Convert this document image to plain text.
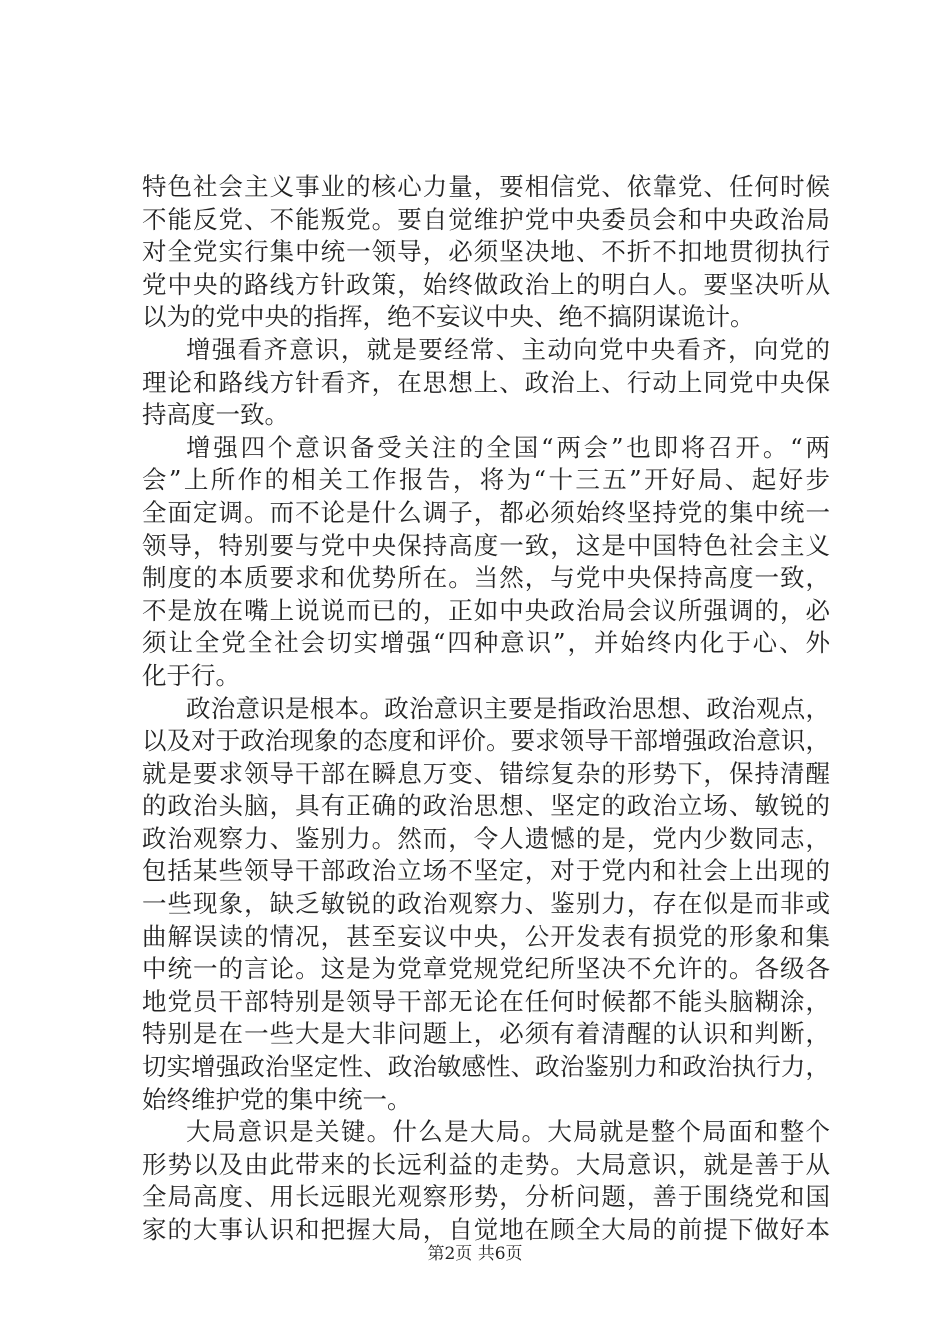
特色社会主义事业的核心力量，要相信党、依靠党、任何时候
不能反党、不能叛党。要自觉维护党中央委员会和中央政治局
对全党实行集中统一领导，必须坚决地、不折不扣地贯彻执行
党中央的路线方针政策，始终做政治上的明白人。要坚决听从
以为的党中央的指挥，绝不妄议中央、绝不搞阴谋诡计。
增强看齐意识，就是要经常、主动向党中央看齐，向党的
理论和路线方针看齐，在思想上、政治上、行动上同党中央保
持高度一致。
增强四个意识备受关注的全国“两会”也即将召开。“两
会”上所作的相关工作报告，将为“十三五”开好局、起好步
全面定调。而不论是什么调子，都必须始终坚持党的集中统一
领导，特别要与党中央保持高度一致，这是中国特色社会主义
制度的本质要求和优势所在。当然，与党中央保持高度一致，
不是放在嘴上说说而已的，正如中央政治局会议所强调的，必
须让全党全社会切实增强“四种意识”，并始终内化于心、外
化于行。
政治意识是根本。政治意识主要是指政治思想、政治观点，
以及对于政治现象的态度和评价。要求领导干部增强政治意识，
就是要求领导干部在瞬息万变、错综复杂的形势下，保持清醒
的政治头脑，具有正确的政治思想、坚定的政治立场、敏锐的
政治观察力、鉴别力。然而，令人遗憾的是，党内少数同志，
包括某些领导干部政治立场不坚定，对于党内和社会上出现的
一些现象，缺乏敏锐的政治观察力、鉴别力，存在似是而非或
曲解误读的情况，甚至妄议中央，公开发表有损党的形象和集
中统一的言论。这是为党章党规党纪所坚决不允许的。各级各
地党员干部特别是领导干部无论在任何时候都不能头脑糊涂，
特别是在一些大是大非问题上，必须有着清醒的认识和判断，
切实增强政治坚定性、政治敏感性、政治鉴别力和政治执行力，
始终维护党的集中统一。
大局意识是关键。什么是大局。大局就是整个局面和整个
形势以及由此带来的长远利益的走势。大局意识，就是善于从
全局高度、用长远眼光观察形势，分析问题，善于围绕党和国
家的大事认识和把握大局，自觉地在顾全大局的前提下做好本
第2页 共6页
